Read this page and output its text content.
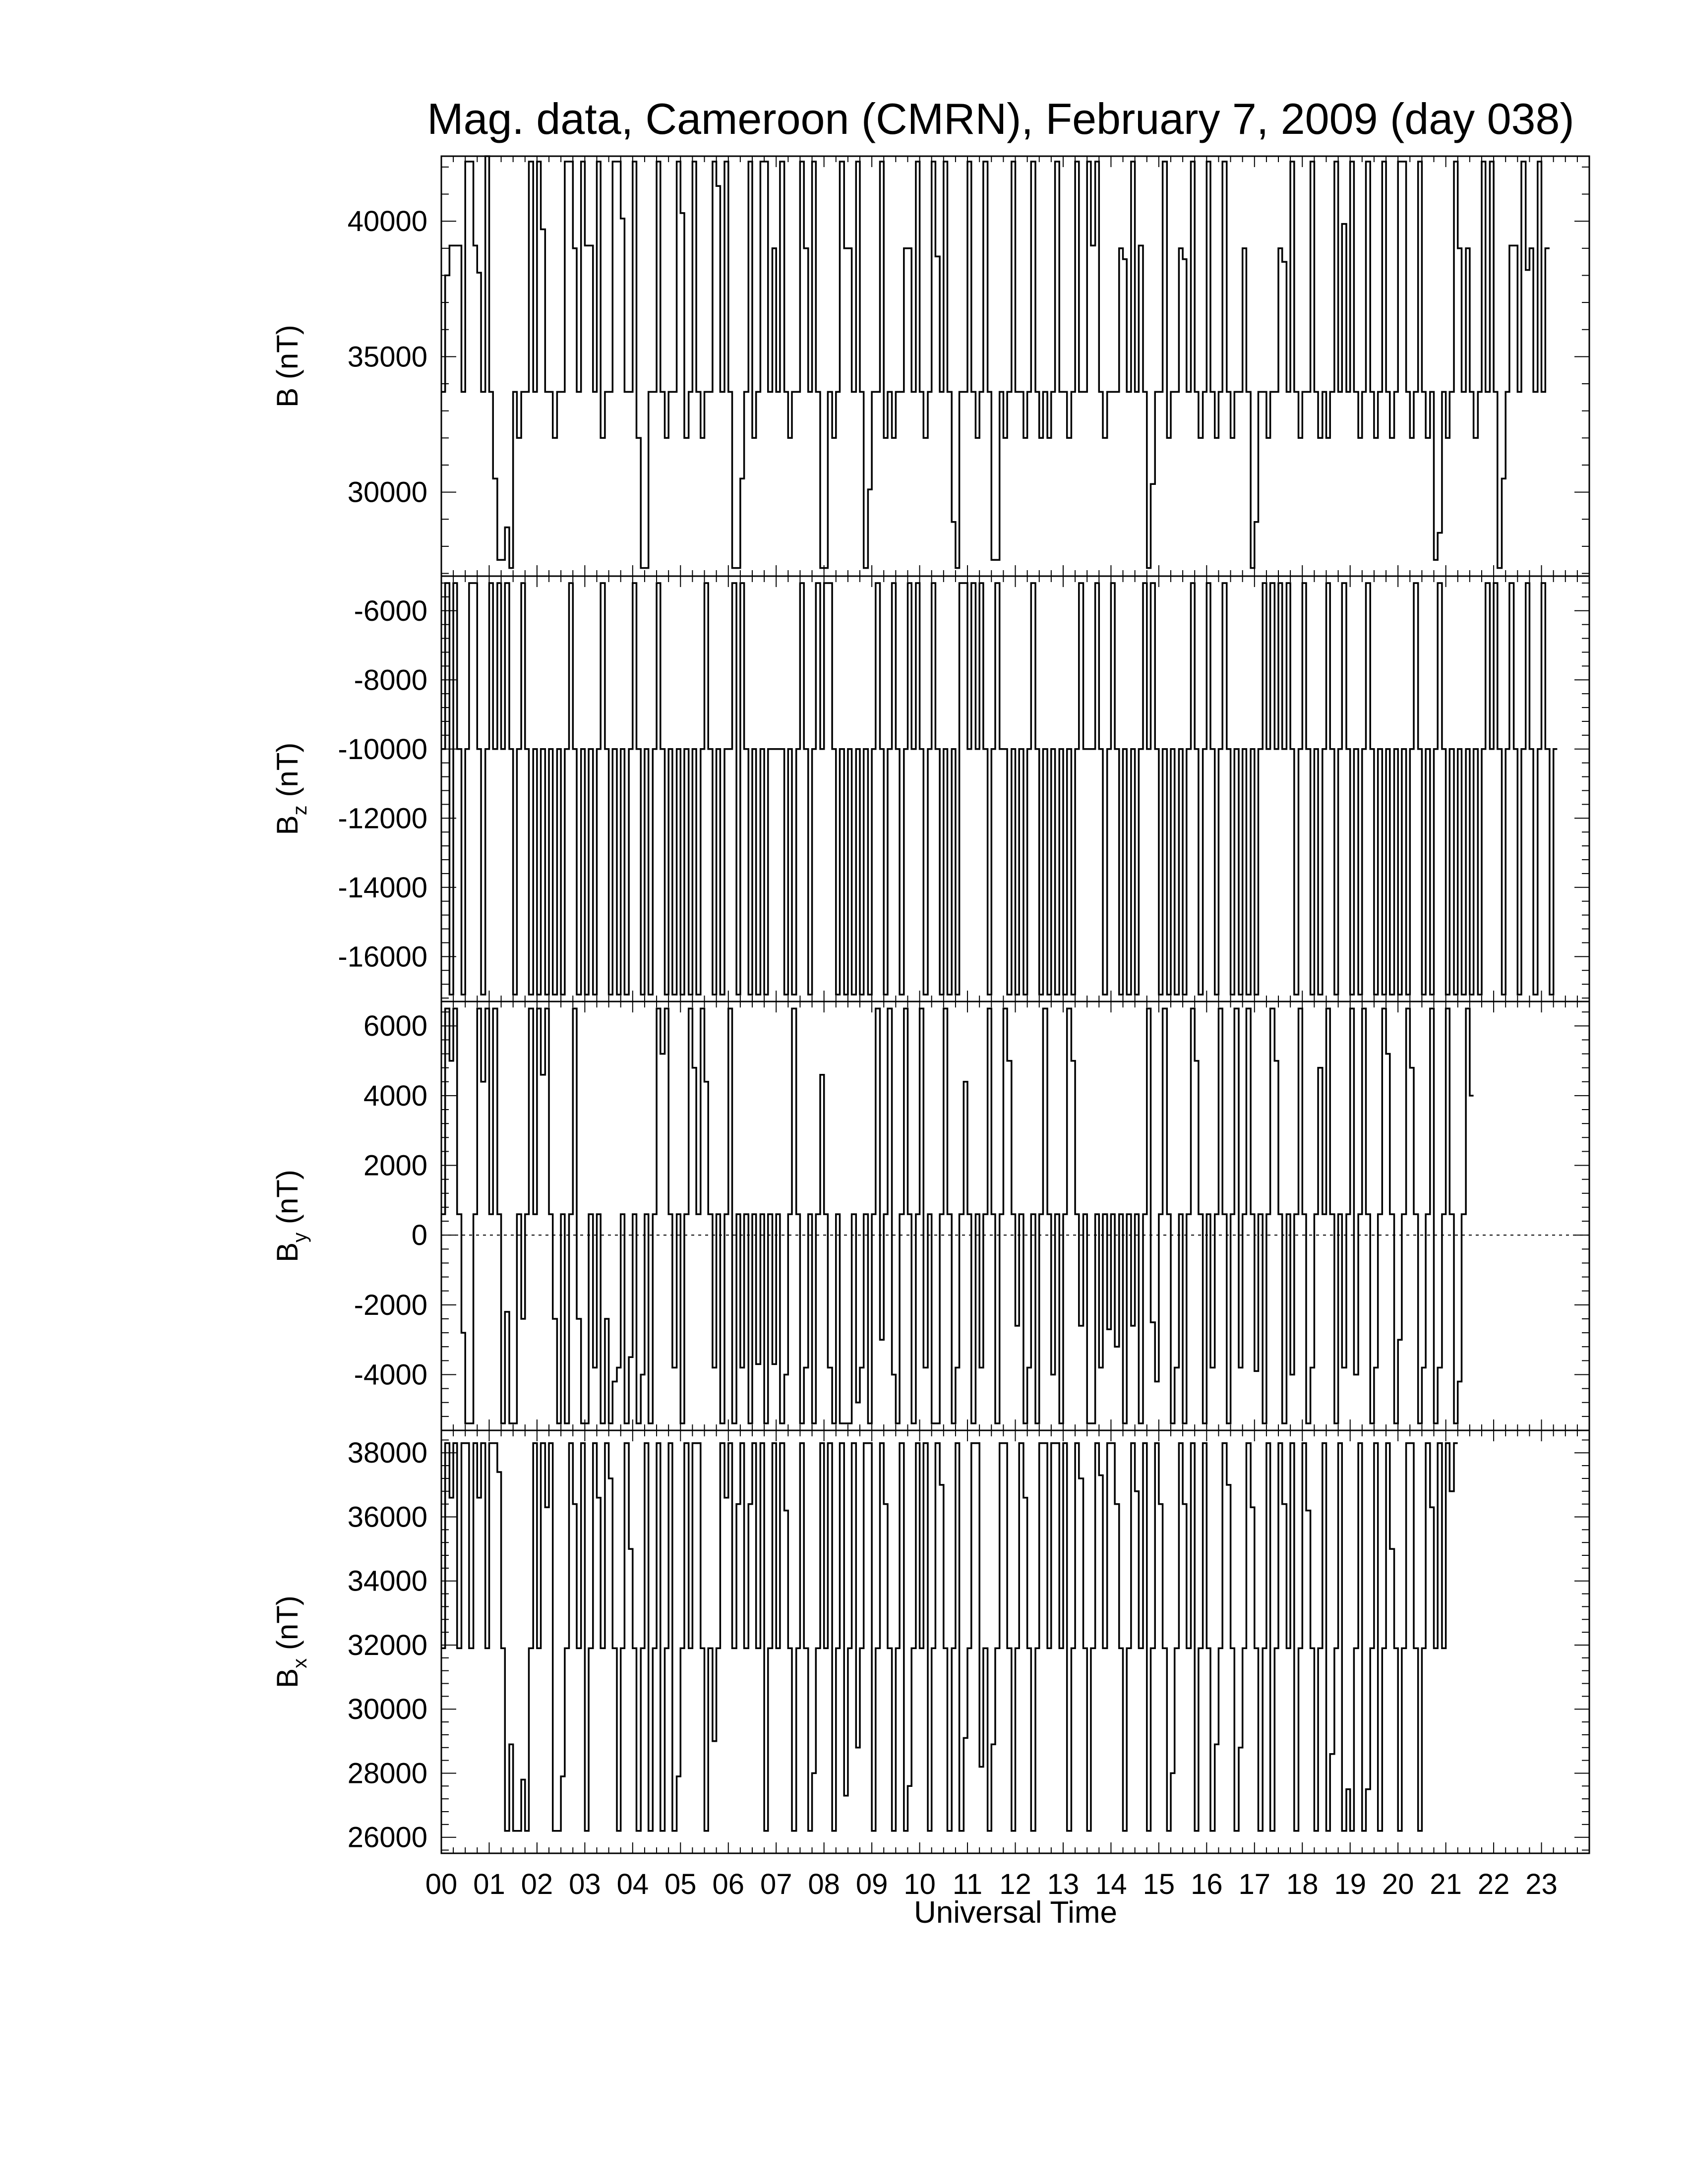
Mag. data, Cameroon (CMRN), February 7, 2009 (day 038)
30000
35000
40000
B (nT)
-16000
-14000
-12000
-10000
-8000
-6000
$B_z$ (nT)
-4000
-2000
0
2000
4000
6000
$B_y$ (nT)
26000
28000
30000
32000
34000
36000
38000
$B_x$ (nT)
00 01 02 03 04 05 06 07 08 09 10 11 12 13 14 15 16 17 18 19 20 21 22 23
Universal Time
